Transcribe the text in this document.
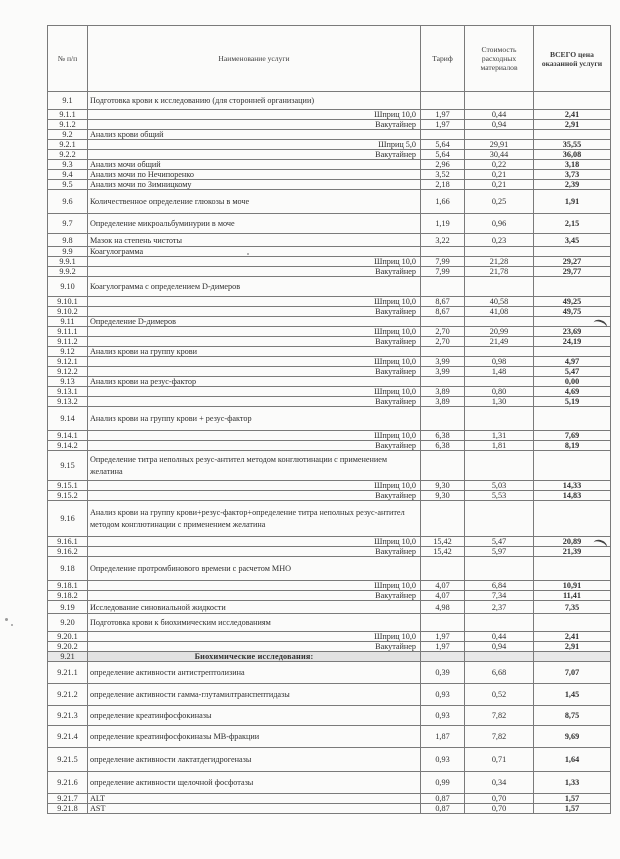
№ п/п	Наименование услуги	Тариф	Стоимость расходных материалов	ВСЕГО цена оказанной услуги
9.1	Подготовка крови к исследованию (для сторонней организации)			
9.1.1	Шприц 10,0	1,97	0,44	2,41
9.1.2	Вакутайнер	1,97	0,94	2,91
9.2	Анализ крови общий			
9.2.1	Шприц 5,0	5,64	29,91	35,55
9.2.2	Вакутайнер	5,64	30,44	36,08
9.3	Анализ мочи общий	2,96	0,22	3,18
9.4	Анализ мочи по Нечипоренко	3,52	0,21	3,73
9.5	Анализ мочи по Зимницкому	2,18	0,21	2,39
9.6	Количественное определение глюкозы в моче	1,66	0,25	1,91
9.7	Определение микроальбуминурии в моче	1,19	0,96	2,15
9.8	Мазок на степень чистоты	3,22	0,23	3,45
9.9	Коагулограмма			
9.9.1	Шприц 10,0	7,99	21,28	29,27
9.9.2	Вакутайнер	7,99	21,78	29,77
9.10	Коагулограмма с определением D-димеров			
9.10.1	Шприц 10,0	8,67	40,58	49,25
9.10.2	Вакутайнер	8,67	41,08	49,75
9.11	Определение D-димеров			
9.11.1	Шприц 10,0	2,70	20,99	23,69
9.11.2	Вакутайнер	2,70	21,49	24,19
9.12	Анализ крови на группу крови			
9.12.1	Шприц 10,0	3,99	0,98	4,97
9.12.2	Вакутайнер	3,99	1,48	5,47
9.13	Анализ крови на резус-фактор			0,00
9.13.1	Шприц 10,0	3,89	0,80	4,69
9.13.2	Вакутайнер	3,89	1,30	5,19
9.14	Анализ крови на группу крови + резус-фактор			
9.14.1	Шприц 10,0	6,38	1,31	7,69
9.14.2	Вакутайнер	6,38	1,81	8,19
9.15	Определение титра неполных резус-антител методом конглютинации с применением желатина			
9.15.1	Шприц 10,0	9,30	5,03	14,33
9.15.2	Вакутайнер	9,30	5,53	14,83
9.16	Анализ крови на группу крови+резус-фактор+определение титра неполных резус-антител методом конглютинации с применением желатина			
9.16.1	Шприц 10,0	15,42	5,47	20,89
9.16.2	Вакутайнер	15,42	5,97	21,39
9.18	Определение протромбинового времени с расчетом МНО			
9.18.1	Шприц 10,0	4,07	6,84	10,91
9.18.2	Вакутайнер	4,07	7,34	11,41
9.19	Исследование синовиальной жидкости	4,98	2,37	7,35
9.20	Подготовка крови к биохимическим исследованиям			
9.20.1	Шприц 10,0	1,97	0,44	2,41
9.20.2	Вакутайнер	1,97	0,94	2,91
9.21	Биохимические исследования:			
9.21.1	определение активности антистрептолизина	0,39	6,68	7,07
9.21.2	определение активности гамма-глутамилтранспептидазы	0,93	0,52	1,45
9.21.3	определение креатинфосфокиназы	0,93	7,82	8,75
9.21.4	определение креатинфосфокиназы МВ-фракции	1,87	7,82	9,69
9.21.5	определение активности лактатдегидрогеназы	0,93	0,71	1,64
9.21.6	определение активности щелочной фосфотазы	0,99	0,34	1,33
9.21.7	ALT	0,87	0,70	1,57
9.21.8	AST	0,87	0,70	1,57
